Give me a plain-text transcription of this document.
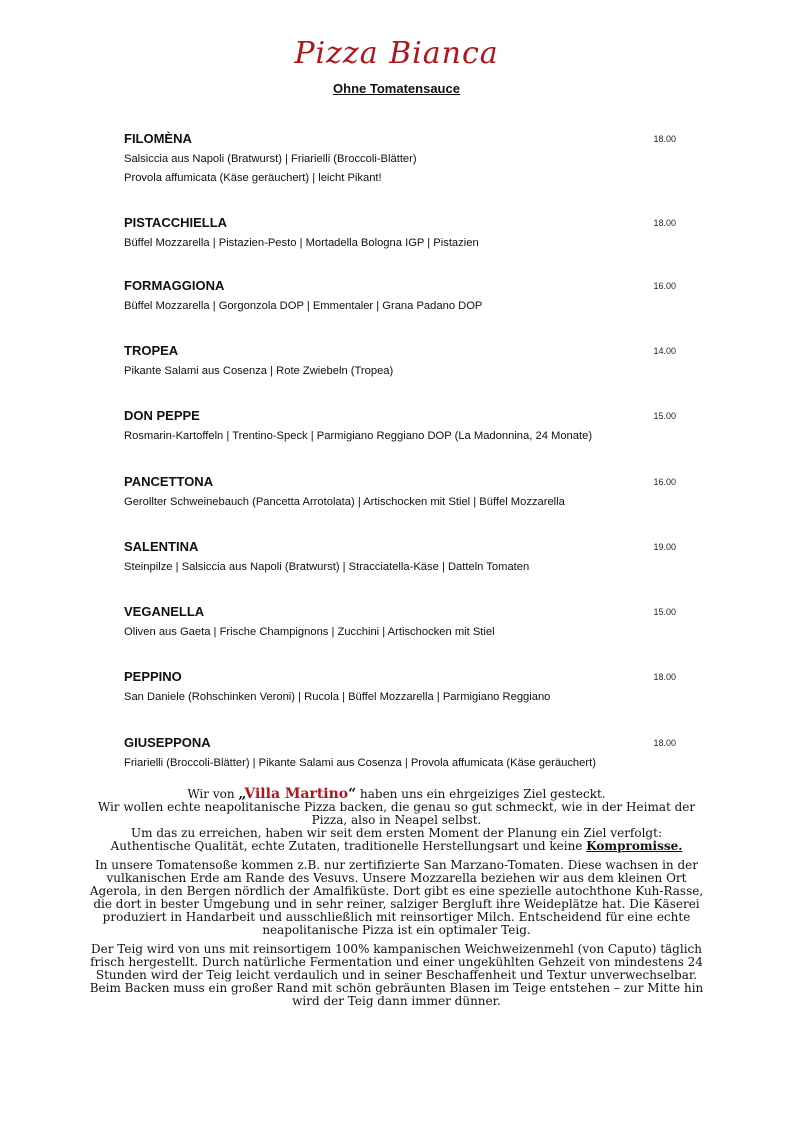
Pizza Bianca
Ohne Tomatensauce
FILOMÈNA	18.00
Salsiccia aus Napoli (Bratwurst) | Friarielli (Broccoli-Blätter)
Provola affumicata (Käse geräuchert) | leicht Pikant!
PISTACCHIELLA	18.00
Büffel Mozzarella | Pistazien-Pesto | Mortadella Bologna IGP | Pistazien
FORMAGGIONA	16.00
Büffel Mozzarella | Gorgonzola DOP | Emmentaler | Grana Padano DOP
TROPEA	14.00
Pikante Salami aus Cosenza | Rote Zwiebeln (Tropea)
DON PEPPE	15.00
Rosmarin-Kartoffeln | Trentino-Speck | Parmigiano Reggiano DOP (La Madonnina, 24 Monate)
PANCETTONA	16.00
Gerollter Schweinebauch (Pancetta Arrotolata) | Artischocken mit Stiel | Büffel Mozzarella
SALENTINA	19.00
Steinpilze | Salsiccia aus Napoli (Bratwurst) | Stracciatella-Käse | Datteln Tomaten
VEGANELLA	15.00
Oliven aus Gaeta | Frische Champignons | Zucchini | Artischocken mit Stiel
PEPPINO	18.00
San Daniele (Rohschinken Veroni) | Rucola | Büffel Mozzarella | Parmigiano Reggiano
GIUSEPPONA	18.00
Friarielli (Broccoli-Blätter) | Pikante Salami aus Cosenza | Provola affumicata (Käse geräuchert)

Wir von „Villa Martino“ haben uns ein ehrgeiziges Ziel gesteckt.
Wir wollen echte neapolitanische Pizza backen, die genau so gut schmeckt, wie in der Heimat der
Pizza, also in Neapel selbst.
Um das zu erreichen, haben wir seit dem ersten Moment der Planung ein Ziel verfolgt:
Authentische Qualität, echte Zutaten, traditionelle Herstellungsart und keine Kompromisse.

In unsere Tomatensoße kommen z.B. nur zertifizierte San Marzano-Tomaten. Diese wachsen in der
vulkanischen Erde am Rande des Vesuvs. Unsere Mozzarella beziehen wir aus dem kleinen Ort
Agerola, in den Bergen nördlich der Amalfiküste. Dort gibt es eine spezielle autochthone Kuh-Rasse,
die dort in bester Umgebung und in sehr reiner, salziger Bergluft ihre Weideplätze hat. Die Käserei
produziert in Handarbeit und ausschließlich mit reinsortiger Milch. Entscheidend für eine echte
neapolitanische Pizza ist ein optimaler Teig.

Der Teig wird von uns mit reinsortigem 100% kampanischen Weichweizenmehl (von Caputo) täglich
frisch hergestellt. Durch natürliche Fermentation und einer ungekühlten Gehzeit von mindestens 24
Stunden wird der Teig leicht verdaulich und in seiner Beschaffenheit und Textur unverwechselbar.
Beim Backen muss ein großer Rand mit schön gebräunten Blasen im Teige entstehen – zur Mitte hin
wird der Teig dann immer dünner.
